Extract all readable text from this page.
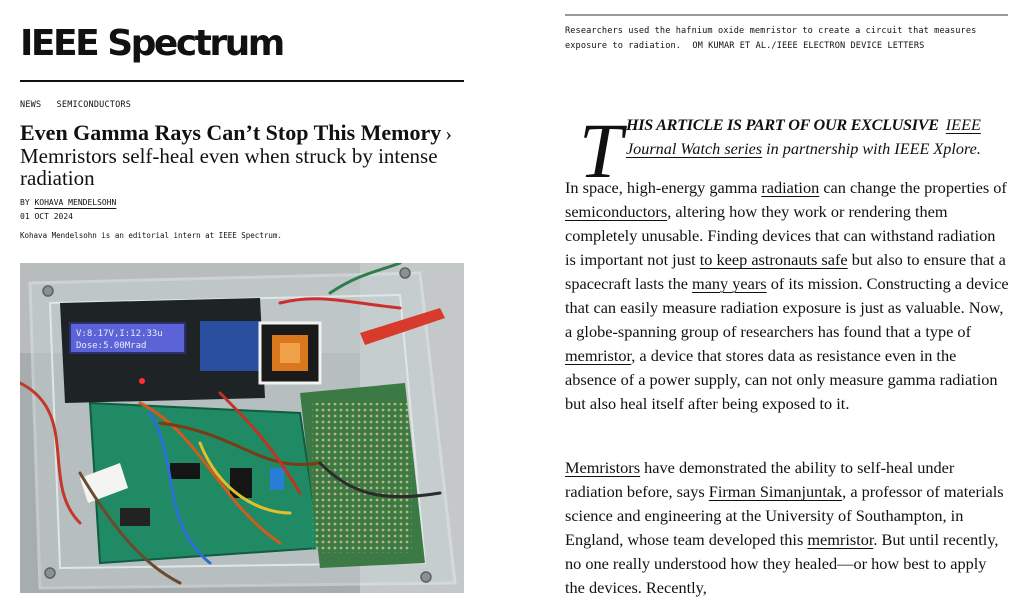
IEEE Spectrum
NEWS SEMICONDUCTORS
Even Gamma Rays Can’t Stop This Memory ›
Memristors self-heal even when struck by intense radiation
BY KOHAVA MENDELSOHN
01 OCT 2024
Kohava Mendelsohn is an editorial intern at IEEE Spectrum.
V:8.17V,I:12.33u
Dose:5.00Mrad
Researchers used the hafnium oxide memristor to create a circuit that measures exposure to radiation. OM KUMAR ET AL./IEEE ELECTRON DEVICE LETTERS
T HIS ARTICLE IS PART OF OUR EXCLUSIVE IEEE Journal Watch series in partnership with IEEE Xplore.

In space, high-energy gamma radiation can change the properties of semiconductors, altering how they work or rendering them completely unusable. Finding devices that can withstand radiation is important not just to keep astronauts safe but also to ensure that a spacecraft lasts the many years of its mission. Constructing a device that can easily measure radiation exposure is just as valuable. Now, a globe-spanning group of researchers has found that a type of memristor, a device that stores data as resistance even in the absence of a power supply, can not only measure gamma radiation but also heal itself after being exposed to it.

Memristors have demonstrated the ability to self-heal under radiation before, says Firman Simanjuntak, a professor of materials science and engineering at the University of Southampton, in England, whose team developed this memristor. But until recently, no one really understood how they healed—or how best to apply the devices. Recently,
